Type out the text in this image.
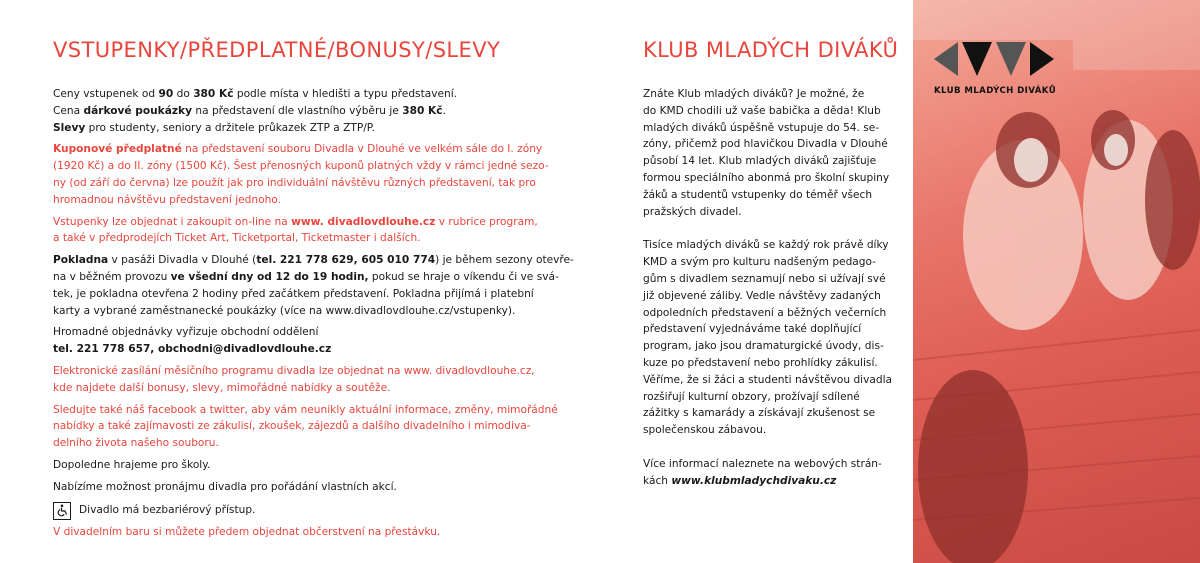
VSTUPENKY/PŘEDPLATNÉ/BONUSY/SLEVY
Ceny vstupenek od 90 do 380 Kč podle místa v hledišti a typu představení.
Cena dárkové poukázky na představení dle vlastního výběru je 380 Kč.
Slevy pro studenty, seniory a držitele průkazek ZTP a ZTP/P.
Kuponové předplatné na představení souboru Divadla v Dlouhé ve velkém sále do I. zóny
(1920 Kč) a do II. zóny (1500 Kč). Šest přenosných kuponů platných vždy v rámci jedné sezo-
ny (od září do června) lze použít jak pro individuální návštěvu různých představení, tak pro
hromadnou návštěvu představení jednoho.
Vstupenky lze objednat i zakoupit on-line na www. divadlovdlouhe.cz v rubrice program,
a také v předprodejích Ticket Art, Ticketportal, Ticketmaster i dalších.
Pokladna v pasáži Divadla v Dlouhé (tel. 221 778 629, 605 010 774) je během sezony otevře-
na v běžném provozu ve všední dny od 12 do 19 hodin, pokud se hraje o víkendu či ve svá-
tek, je pokladna otevřena 2 hodiny před začátkem představení. Pokladna přijímá i platební
karty a vybrané zaměstnanecké poukázky (více na www.divadlovdlouhe.cz/vstupenky).
Hromadné objednávky vyřizuje obchodní oddělení
tel. 221 778 657, obchodni@divadlovdlouhe.cz
Elektronické zasílání měsíčního programu divadla lze objednat na www. divadlovdlouhe.cz,
kde najdete další bonusy, slevy, mimořádné nabídky a soutěže.
Sledujte také náš facebook a twitter, aby vám neunikly aktuální informace, změny, mimořádné
nabídky a také zajímavosti ze zákulisí, zkoušek, zájezdů a dalšího divadelního i mimodiva-
delního života našeho souboru.
Dopoledne hrajeme pro školy.
Nabízíme možnost pronájmu divadla pro pořádání vlastních akcí.
Divadlo má bezbariérový přístup.
V divadelním baru si můžete předem objednat občerstvení na přestávku.
KLUB MLADÝCH DIVÁKŮ
Znáte Klub mladých diváků? Je možné, že
do KMD chodili už vaše babička a děda! Klub
mladých diváků úspěšně vstupuje do 54. se-
zóny, přičemž pod hlavičkou Divadla v Dlouhé
působí 14 let. Klub mladých diváků zajišťuje
formou speciálního abonmá pro školní skupiny
žáků a studentů vstupenky do téměř všech
pražských divadel.
Tisíce mladých diváků se každý rok právě díky
KMD a svým pro kulturu nadšeným pedago-
gům s divadlem seznamují nebo si užívají své
již objevené záliby. Vedle návštěvy zadaných
odpoledních představení a běžných večerních
představení vyjednáváme také doplňující
program, jako jsou dramaturgické úvody, dis-
kuze po představení nebo prohlídky zákulisí.
Věříme, že si žáci a studenti návštěvou divadla
rozšiřují kulturní obzory, prožívají sdílené
zážitky s kamarády a získávají zkušenost se
společenskou zábavou.
Více informací naleznete na webových strán-
kách www.klubmladychdivaku.cz
KLUB MLADÝCH DIVÁKŮ
